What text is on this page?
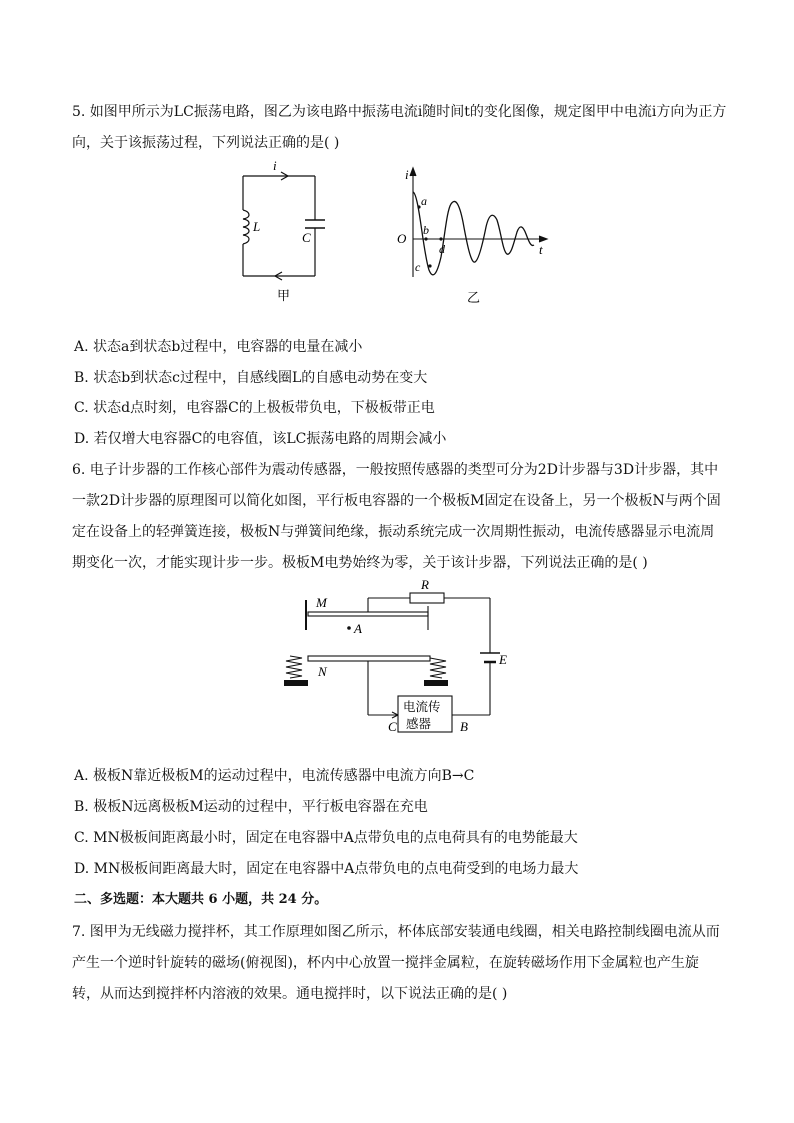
5. 如图甲所示为LC振荡电路，图乙为该电路中振荡电流i随时间t的变化图像，规定图甲中电流i方向为正方
向，关于该振荡过程，下列说法正确的是( )
i
L
C
甲
i
t
O
a
b
c
d
乙
A. 状态a到状态b过程中，电容器的电量在减小
B. 状态b到状态c过程中，自感线圈L的自感电动势在变大
C. 状态d点时刻，电容器C的上极板带负电，下极板带正电
D. 若仅增大电容器C的电容值，该LC振荡电路的周期会减小
6. 电子计步器的工作核心部件为震动传感器，一般按照传感器的类型可分为2D计步器与3D计步器，其中
一款2D计步器的原理图可以简化如图，平行板电容器的一个极板M固定在设备上，另一个极板N与两个固
定在设备上的轻弹簧连接，极板N与弹簧间绝缘，振动系统完成一次周期性振动，电流传感器显示电流周
期变化一次，才能实现计步一步。极板M电势始终为零，关于该计步器，下列说法正确的是( )
M
N
A
R
E
电流传
感器
C	B
A. 极板N靠近极板M的运动过程中，电流传感器中电流方向B→C
B. 极板N远离极板M运动的过程中，平行板电容器在充电
C. MN极板间距离最小时，固定在电容器中A点带负电的点电荷具有的电势能最大
D. MN极板间距离最大时，固定在电容器中A点带负电的点电荷受到的电场力最大
二、多选题：本大题共 6 小题，共 24 分。
7. 图甲为无线磁力搅拌杯，其工作原理如图乙所示，杯体底部安装通电线圈，相关电路控制线圈电流从而
产生一个逆时针旋转的磁场(俯视图)，杯内中心放置一搅拌金属粒，在旋转磁场作用下金属粒也产生旋
转，从而达到搅拌杯内溶液的效果。通电搅拌时，以下说法正确的是( )
